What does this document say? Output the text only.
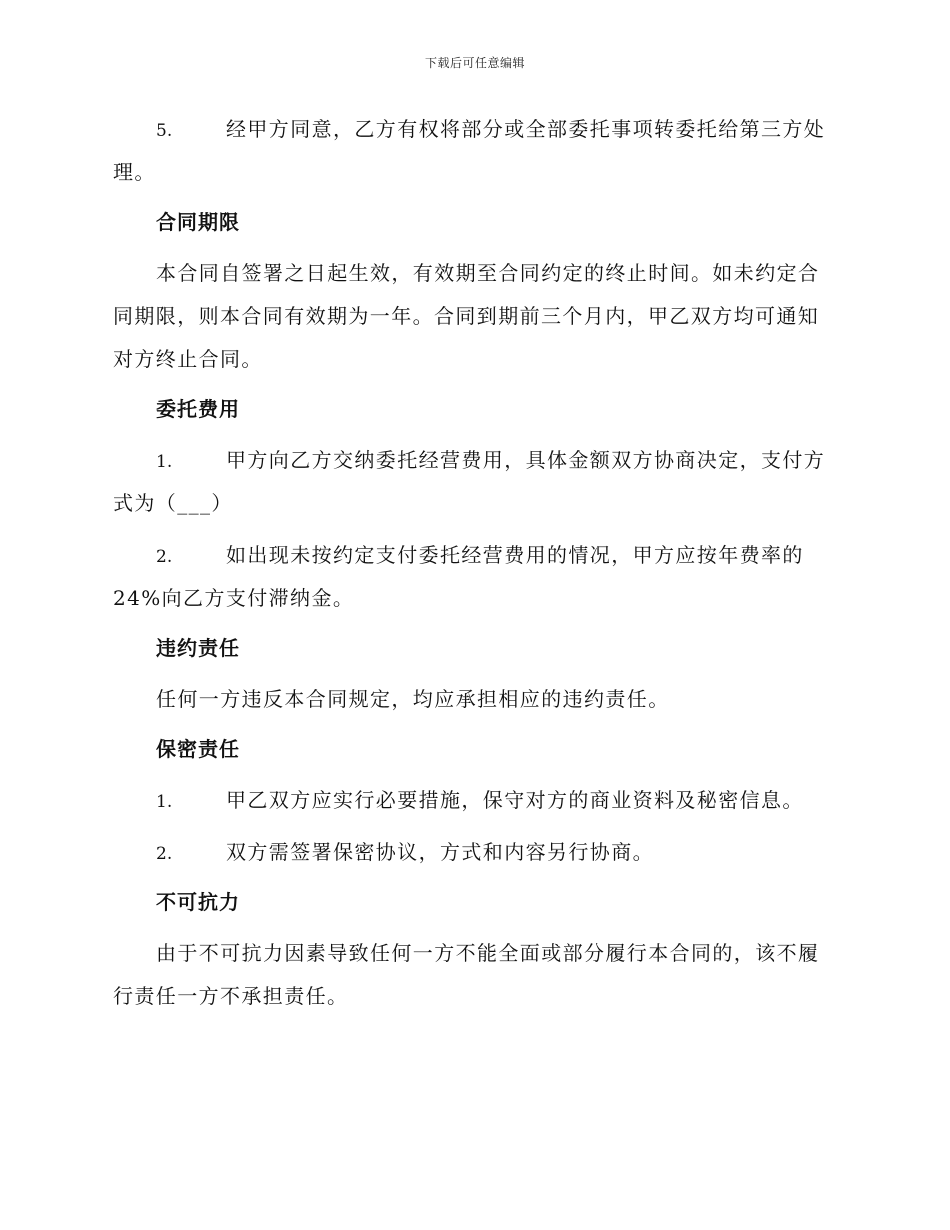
下载后可任意编辑
5.	经甲方同意，乙方有权将部分或全部委托事项转委托给第三方处
理。
合同期限
本合同自签署之日起生效，有效期至合同约定的终止时间。如未约定合
同期限，则本合同有效期为一年。合同到期前三个月内，甲乙双方均可通知
对方终止合同。
委托费用
1.	甲方向乙方交纳委托经营费用，具体金额双方协商决定，支付方
式为（___）
2.	如出现未按约定支付委托经营费用的情况，甲方应按年费率的
24%向乙方支付滞纳金。
违约责任
任何一方违反本合同规定，均应承担相应的违约责任。
保密责任
1.	甲乙双方应实行必要措施，保守对方的商业资料及秘密信息。
2.	双方需签署保密协议，方式和内容另行协商。
不可抗力
由于不可抗力因素导致任何一方不能全面或部分履行本合同的，该不履
行责任一方不承担责任。
